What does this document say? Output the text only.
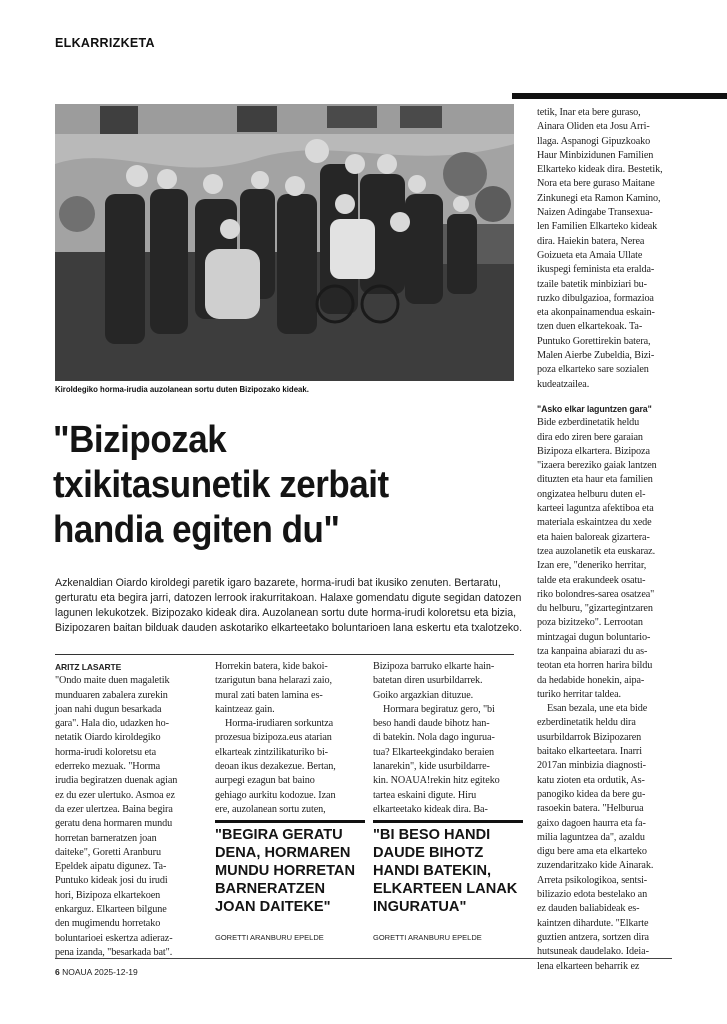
ELKARRIZKETA
Kiroldegiko horma-irudia auzolanean sortu duten Bizipozako kideak.
"Bizipozak
txikitasunetik zerbait
handia egiten du"
Azkenaldian Oiardo kiroldegi paretik igaro bazarete, horma-irudi bat ikusiko zenuten. Bertaratu,
gerturatu eta begira jarri, datozen lerrook irakurritakoan. Halaxe gomendatu digute segidan datozen
lagunen lekukotzek. Bizipozako kideak dira. Auzolanean sortu dute horma-irudi koloretsu eta bizia,
Bizipozaren baitan bilduak dauden askotariko elkarteetako boluntarioen lana eskertu eta txalotzeko.
ARITZ LASARTE
"Ondo maite duen magaletik
munduaren zabalera zurekin
joan nahi dugun besarkada
gara". Hala dio, udazken ho-
netatik Oiardo kiroldegiko
horma-irudi koloretsu eta
ederreko mezuak. "Horma
irudia begiratzen duenak agian
ez du ezer ulertuko. Asmoa ez
da ezer ulertzea. Baina begira
geratu dena hormaren mundu
horretan barneratzen joan
daiteke", Goretti Aranburu
Epeldek aipatu digunez. Ta-
Puntuko kideak josi du irudi
hori, Bizipoza elkartekoen
enkarguz. Elkarteen bilgune
den mugimendu horretako
boluntarioei eskertza adieraz-
pena izanda, "besarkada bat".
Horrekin batera, kide bakoi-
tzarigutun bana helarazi zaio,
mural zati baten lamina es-
kaintzeaz gain.
Horma-irudiaren sorkuntza
prozesua bizipoza.eus atarian
elkarteak zintzilikaturiko bi-
deoan ikus dezakezue. Bertan,
aurpegi ezagun bat baino
gehiago aurkitu kodozue. Izan
ere, auzolanean sortu zuten,
Bizipoza barruko elkarte hain-
batetan diren usurbildarrek.
Goiko argazkian dituzue.
Hormara begiratuz gero, "bi
beso handi daude bihotz han-
di batekin. Nola dago ingurua-
tua? Elkarteekgindako beraien
lanarekin", kide usurbildarre-
kin. NOAUA!rekin hitz egiteko
tartea eskaini digute. Hiru
elkarteetako kideak dira. Ba-
"BEGIRA GERATU
DENA, HORMAREN
MUNDU HORRETAN
BARNERATZEN
JOAN DAITEKE"
GORETTI ARANBURU EPELDE
"BI BESO HANDI
DAUDE BIHOTZ
HANDI BATEKIN,
ELKARTEEN LANAK
INGURATUA"
GORETTI ARANBURU EPELDE
tetik, Inar eta bere guraso,
Ainara Oliden eta Josu Arri-
llaga. Aspanogi Gipuzkoako
Haur Minbizidunen Familien
Elkarteko kideak dira. Bestetik,
Nora eta bere guraso Maitane
Zinkunegi eta Ramon Kamino,
Naizen Adingabe Transexua-
len Familien Elkarteko kideak
dira. Haiekin batera, Nerea
Goizueta eta Amaia Ullate
ikuspegi feminista eta eralda-
tzaile batetik minbiziari bu-
ruzko dibulgazioa, formazioa
eta akonpainamendua eskain-
tzen duen elkartekoak. Ta-
Puntuko Gorettirekin batera,
Malen Aierbe Zubeldia, Bizi-
poza elkarteko sare sozialen
kudeatzailea.
"Asko elkar laguntzen gara"
Bide ezberdinetatik heldu
dira edo ziren bere garaian
Bizipoza elkartera. Bizipoza
"izaera bereziko gaiak lantzen
dituzten eta haur eta familien
ongizatea helburu duten el-
karteei laguntza afektiboa eta
materiala eskaintzea du xede
eta haien baloreak gizartera-
tzea auzolanetik eta euskaraz.
Izan ere, "deneriko herritar,
talde eta erakundeek osatu-
riko bolondres-sarea osatzea"
du helburu, "gizartegintzaren
poza bizitzeko". Lerrootan
mintzagai dugun boluntario-
tza kanpaina abiarazi du as-
teotan eta horren harira bildu
da hedabide honekin, aipa-
turiko herritar taldea.
Esan bezala, une eta bide
ezberdinetatik heldu dira
usurbildarrok Bizipozaren
baitako elkarteetara. Inarri
2017an minbizia diagnosti-
katu zioten eta ordutik, As-
panogiko kidea da bere gu-
rasoekin batera. "Helburua
gaixo dagoen haurra eta fa-
milia laguntzea da", azaldu
digu bere ama eta elkarteko
zuzendaritzako kide Ainarak.
Arreta psikologikoa, sentsi-
bilizazio edota bestelako an
ez dauden baliabideak es-
kaintzen dihardute. "Elkarte
guztien antzera, sortzen dira
hutsuneak daudelako. Ideia-
lena elkarteen beharrik ez
6 NOAUA 2025-12-19
